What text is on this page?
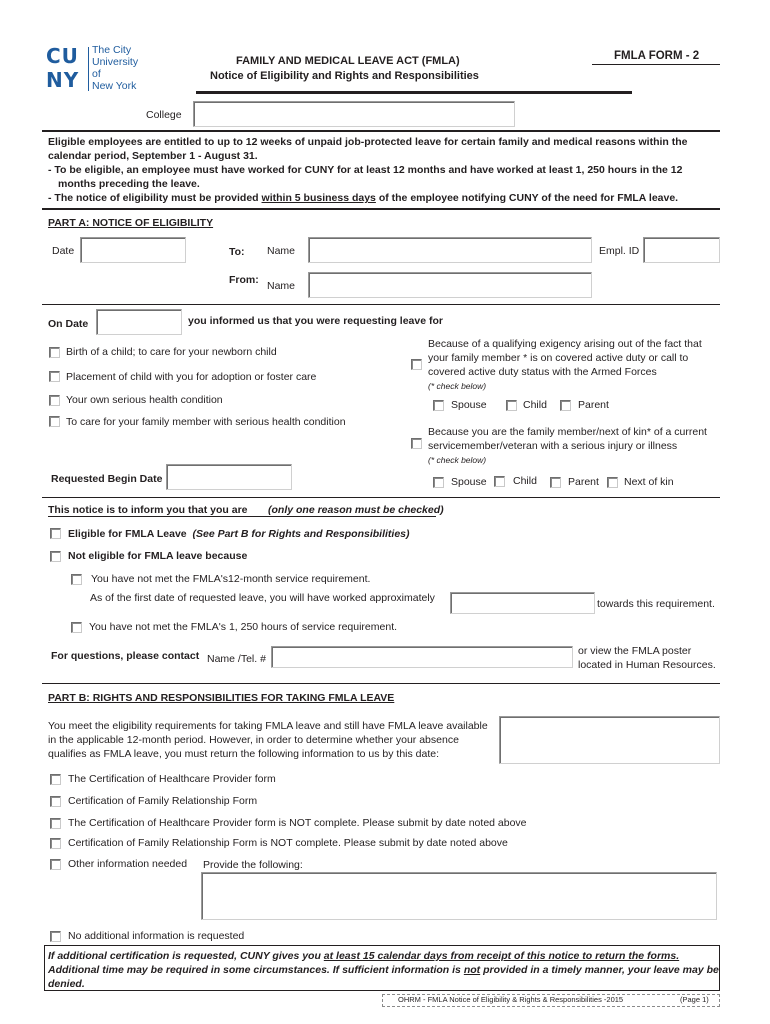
CU
NY
The City
University
of
New York
FAMILY AND MEDICAL LEAVE ACT (FMLA)
Notice of Eligibility and Rights and Responsibilities
FMLA FORM - 2
College
Eligible employees are entitled to up to 12 weeks of unpaid job-protected leave for certain family and medical reasons within the
calendar period, September 1 - August 31.
- To be eligible, an employee must have worked for CUNY for at least 12 months and have worked at least 1, 250 hours in the 12
months preceding the leave.
- The notice of eligibility must be provided within 5 business days of the employee notifying CUNY of the need for FMLA leave.
PART A: NOTICE OF ELIGIBILITY
Date	To: Name	Empl. ID
From: Name
On Date	you informed us that you were requesting leave for
Birth of a child; to care for your newborn child
Placement of child with you for adoption or foster care
Your own serious health condition
To care for your family member with serious health condition
Because of a qualifying exigency arising out of the fact that
your family member * is on covered active duty or call to
covered active duty status with the Armed Forces
(* check below)
Spouse	Child	Parent
Because you are the family member/next of kin* of a current
servicemember/veteran with a serious injury or illness
(* check below)
Spouse	Child	Parent Next of kin
Requested Begin Date
This notice is to inform you that you are (only one reason must be checked)
Eligible for FMLA Leave (See Part B for Rights and Responsibilities)
Not eligible for FMLA leave because
You have not met the FMLA's12-month service requirement.
As of the first date of requested leave, you will have worked approximately	towards this requirement.
You have not met the FMLA's 1, 250 hours of service requirement.
For questions, please contact Name /Tel. #
or view the FMLA poster
located in Human Resources.
PART B: RIGHTS AND RESPONSIBILITIES FOR TAKING FMLA LEAVE
You meet the eligibility requirements for taking FMLA leave and still have FMLA leave available
in the applicable 12-month period. However, in order to determine whether your absence
qualifies as FMLA leave, you must return the following information to us by this date:
The Certification of Healthcare Provider form
Certification of Family Relationship Form
The Certification of Healthcare Provider form is NOT complete. Please submit by date noted above
Certification of Family Relationship Form is NOT complete. Please submit by date noted above
Other information needed Provide the following:
No additional information is requested
If additional certification is requested, CUNY gives you at least 15 calendar days from receipt of this notice to return the forms.
Additional time may be required in some circumstances. If sufficient information is not provided in a timely manner, your leave may be
denied.
OHRM - FMLA Notice of Eligibility & Rights & Responsibilities -2015	(Page 1)
